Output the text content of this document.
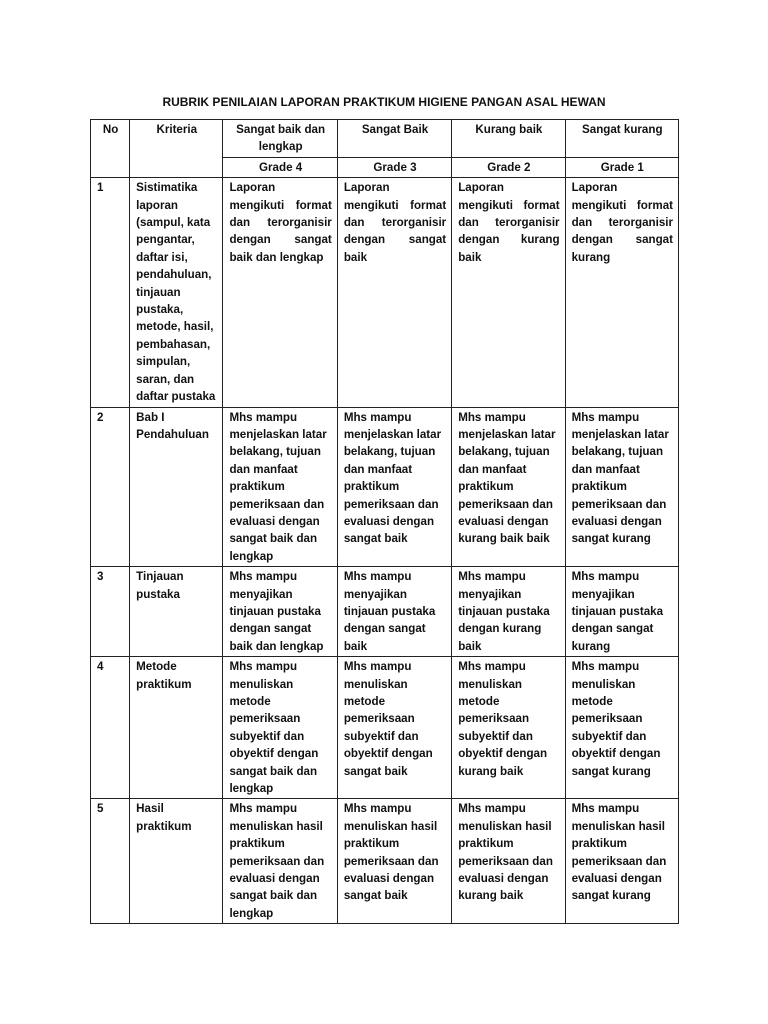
RUBRIK PENILAIAN LAPORAN PRAKTIKUM HIGIENE PANGAN ASAL HEWAN
No	Kriteria	Sangat baik dan lengkap	Sangat Baik	Kurang baik	Sangat kurang
		Grade 4	Grade 3	Grade 2	Grade 1
1	Sistimatika laporan (sampul, kata pengantar, daftar isi, pendahuluan, tinjauan pustaka, metode, hasil, pembahasan, simpulan, saran, dan daftar pustaka	Laporan mengikuti format dan terorganisir dengan sangat baik dan lengkap	Laporan mengikuti format dan terorganisir dengan sangat baik	Laporan mengikuti format dan terorganisir dengan kurang baik	Laporan mengikuti format dan terorganisir dengan sangat kurang
2	Bab I Pendahuluan	Mhs mampu menjelaskan latar belakang, tujuan dan manfaat praktikum pemeriksaan dan evaluasi dengan sangat baik dan lengkap	Mhs mampu menjelaskan latar belakang, tujuan dan manfaat praktikum pemeriksaan dan evaluasi dengan sangat baik	Mhs mampu menjelaskan latar belakang, tujuan dan manfaat praktikum pemeriksaan dan evaluasi dengan kurang baik baik	Mhs mampu menjelaskan latar belakang, tujuan dan manfaat praktikum pemeriksaan dan evaluasi dengan sangat kurang
3	Tinjauan pustaka	Mhs mampu menyajikan tinjauan pustaka dengan sangat baik dan lengkap	Mhs mampu menyajikan tinjauan pustaka dengan sangat baik	Mhs mampu menyajikan tinjauan pustaka dengan kurang baik	Mhs mampu menyajikan tinjauan pustaka dengan sangat kurang
4	Metode praktikum	Mhs mampu menuliskan metode pemeriksaan subyektif dan obyektif dengan sangat baik dan lengkap	Mhs mampu menuliskan metode pemeriksaan subyektif dan obyektif dengan sangat baik	Mhs mampu menuliskan metode pemeriksaan subyektif dan obyektif dengan kurang baik	Mhs mampu menuliskan metode pemeriksaan subyektif dan obyektif dengan sangat kurang
5	Hasil praktikum	Mhs mampu menuliskan hasil praktikum pemeriksaan dan evaluasi dengan sangat baik dan lengkap	Mhs mampu menuliskan hasil praktikum pemeriksaan dan evaluasi dengan sangat baik	Mhs mampu menuliskan hasil praktikum pemeriksaan dan evaluasi dengan kurang baik	Mhs mampu menuliskan hasil praktikum pemeriksaan dan evaluasi dengan sangat kurang
